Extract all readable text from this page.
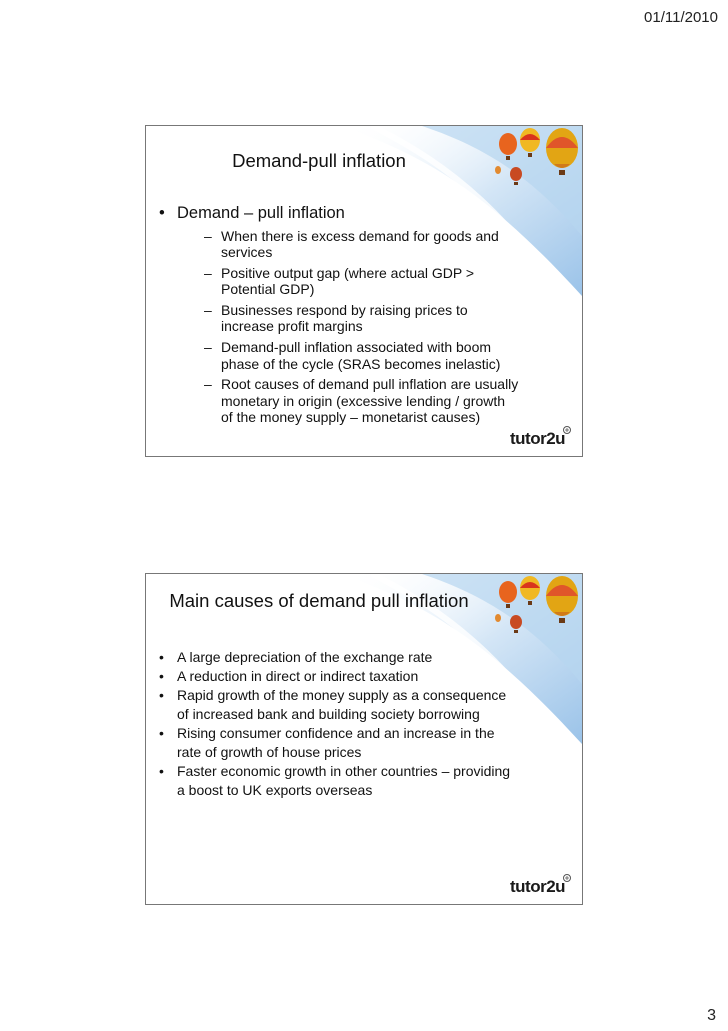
01/11/2010
Demand-pull inflation
• Demand – pull inflation
– When there is excess demand for goods and services
– Positive output gap (where actual GDP > Potential GDP)
– Businesses respond by raising prices to increase profit margins
– Demand-pull inflation associated with boom phase of the cycle (SRAS becomes inelastic)
– Root causes of demand pull inflation are usually monetary in origin (excessive lending / growth of the money supply – monetarist causes)
tutor2u
Main causes of demand pull inflation
• A large depreciation of the exchange rate
• A reduction in direct or indirect taxation
• Rapid growth of the money supply as a consequence of increased bank and building society borrowing
• Rising consumer confidence and an increase in the rate of growth of house prices
• Faster economic growth in other countries – providing a boost to UK exports overseas
tutor2u
3
